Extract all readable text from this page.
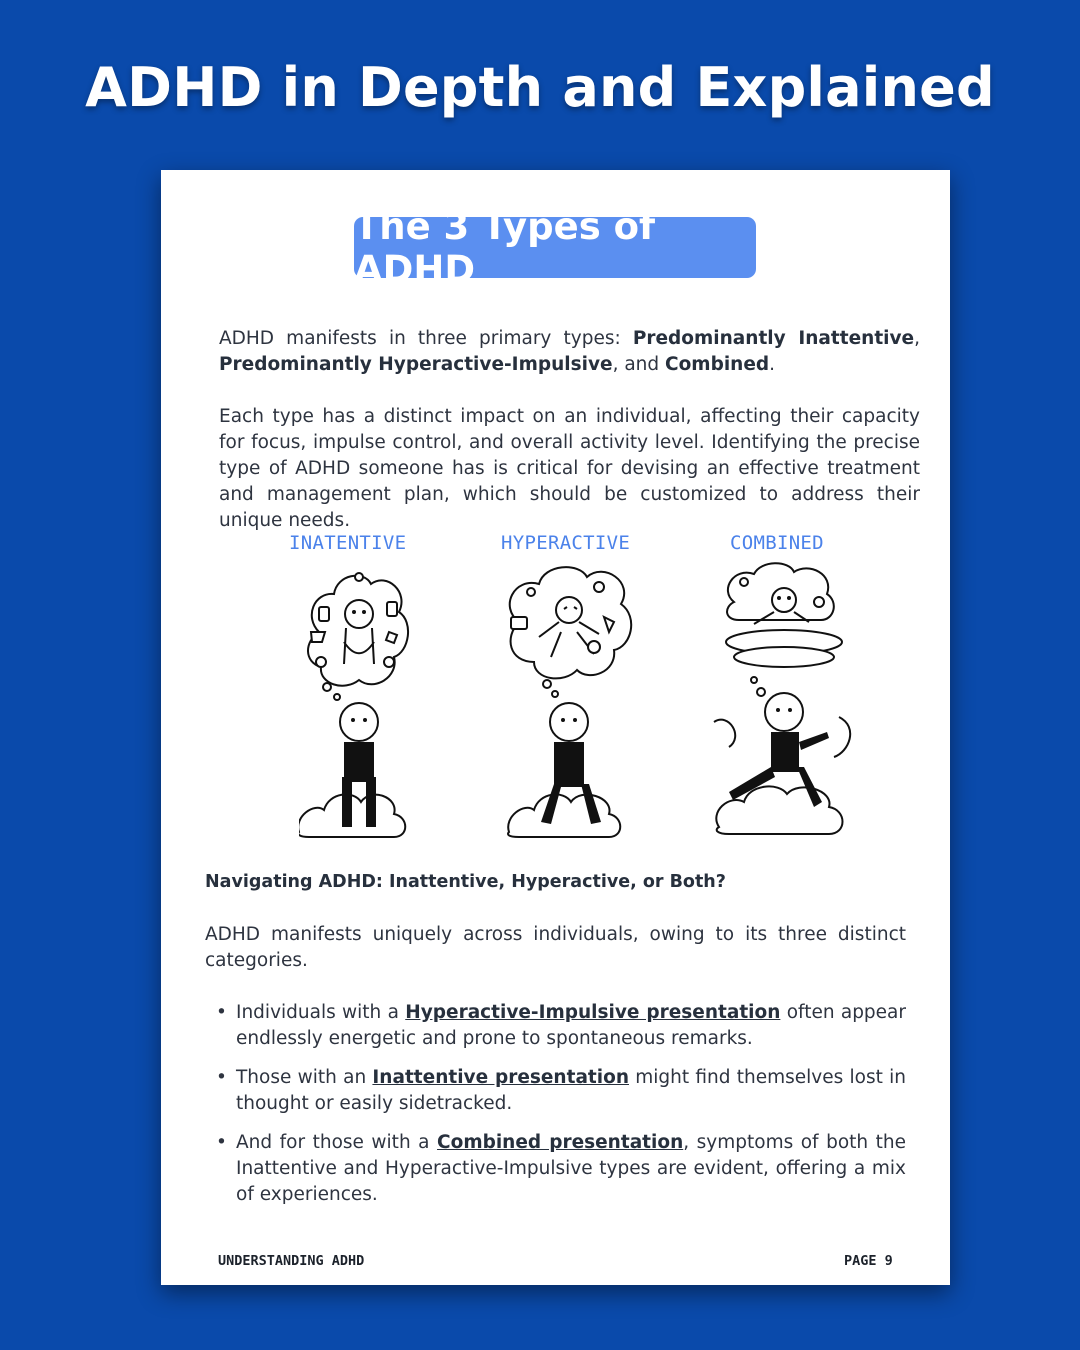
ADHD in Depth and Explained
The 3 Types of ADHD
ADHD manifests in three primary types: Predominantly Inattentive, Predominantly Hyperactive-Impulsive, and Combined.
Each type has a distinct impact on an individual, affecting their capacity for focus, impulse control, and overall activity level. Identifying the precise type of ADHD someone has is critical for devising an effective treatment and management plan, which should be customized to address their unique needs.
INATENTIVE	HYPERACTIVE	COMBINED
Navigating ADHD: Inattentive, Hyperactive, or Both?
ADHD manifests uniquely across individuals, owing to its three distinct categories.
• Individuals with a Hyperactive-Impulsive presentation often appear endlessly energetic and prone to spontaneous remarks.
• Those with an Inattentive presentation might find themselves lost in thought or easily sidetracked.
• And for those with a Combined presentation, symptoms of both the Inattentive and Hyperactive-Impulsive types are evident, offering a mix of experiences.
UNDERSTANDING ADHD	PAGE 9
